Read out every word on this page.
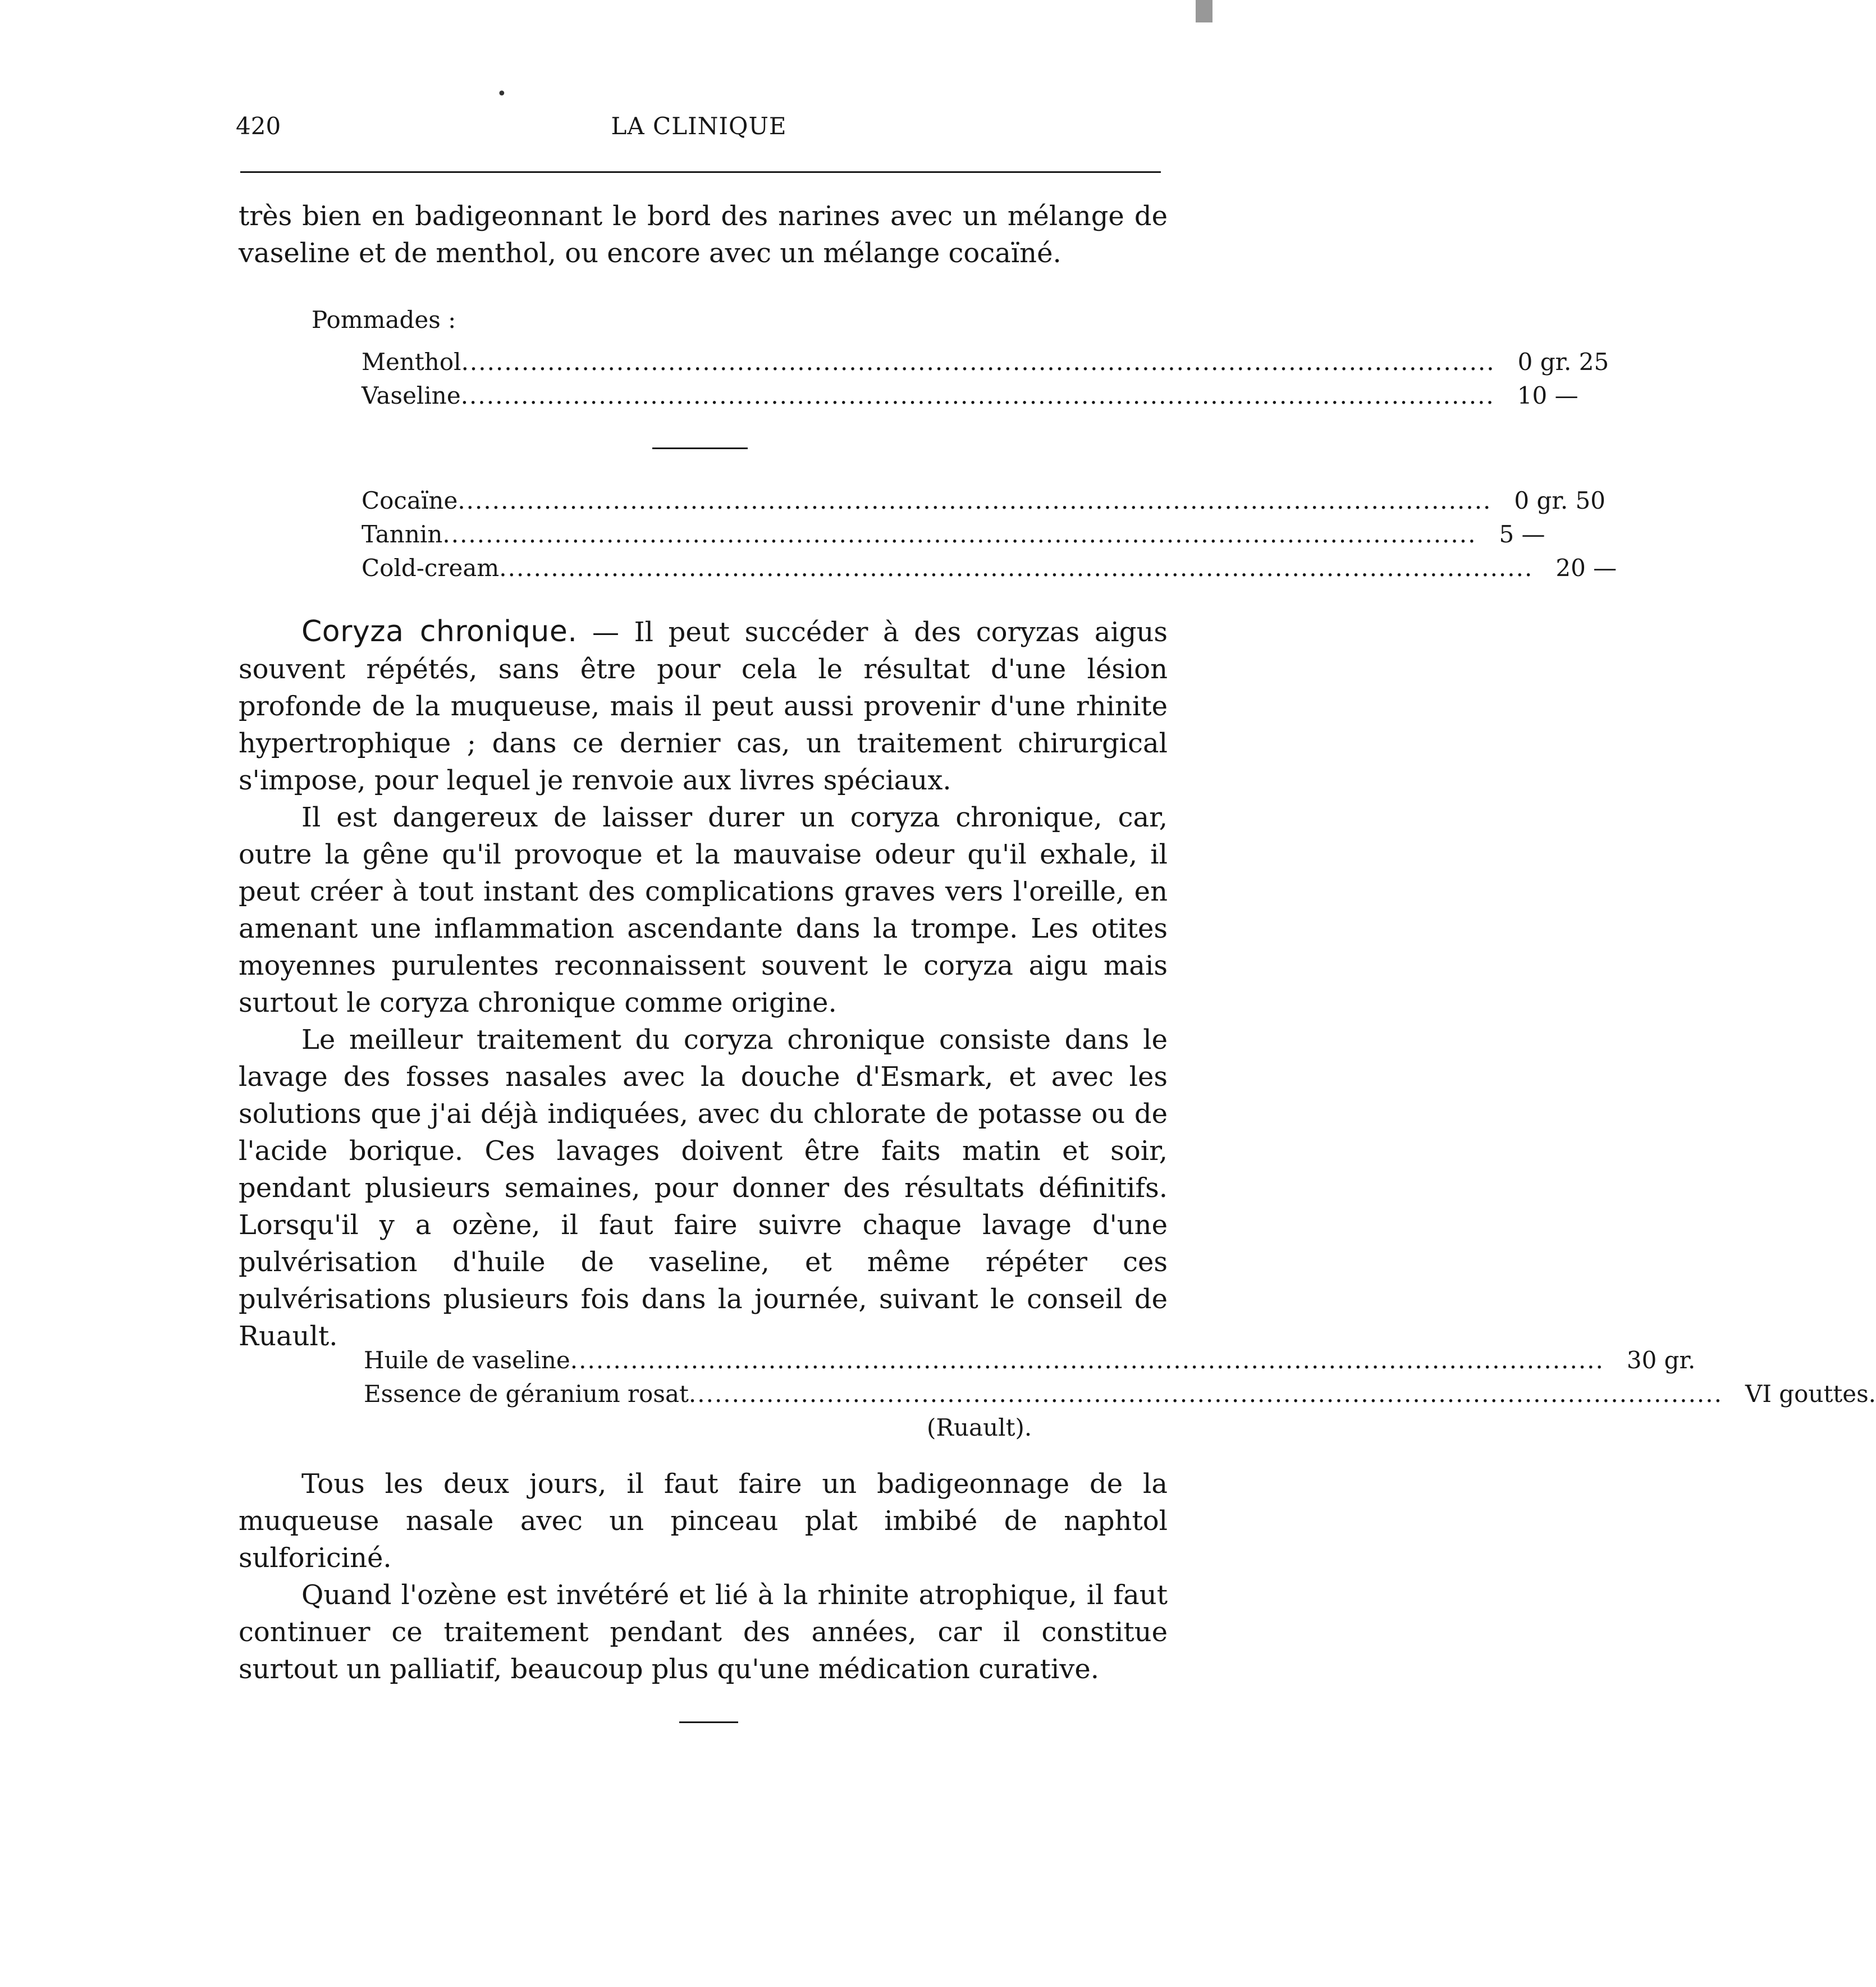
•
420	LA CLINIQUE

très bien en badigeonnant le bord des narines avec un mélange de vaseline et de menthol, ou encore avec un mélange cocaïné.

Pommades :

Menthol ........................................................................................................................ 0 gr. 25
Vaseline ........................................................................................................................ 10 —
Cocaïne ........................................................................................................................ 0 gr. 50
Tannin ........................................................................................................................ 5 —
Cold-cream ........................................................................................................................ 20 —

Coryza chronique. — Il peut succéder à des coryzas aigus souvent répétés, sans être pour cela le résultat d'une lésion profonde de la muqueuse, mais il peut aussi provenir d'une rhinite hypertrophique ; dans ce dernier cas, un traitement chirurgical s'impose, pour lequel je renvoie aux livres spéciaux.

Il est dangereux de laisser durer un coryza chronique, car, outre la gêne qu'il provoque et la mauvaise odeur qu'il exhale, il peut créer à tout instant des complications graves vers l'oreille, en amenant une inflammation ascendante dans la trompe. Les otites moyennes purulentes reconnaissent souvent le coryza aigu mais surtout le coryza chronique comme origine.

Le meilleur traitement du coryza chronique consiste dans le lavage des fosses nasales avec la douche d'Esmark, et avec les solutions que j'ai déjà indiquées, avec du chlorate de potasse ou de l'acide borique. Ces lavages doivent être faits matin et soir, pendant plusieurs semaines, pour donner des résultats définitifs. Lorsqu'il y a ozène, il faut faire suivre chaque lavage d'une pulvérisation d'huile de vaseline, et même répéter ces pulvérisations plusieurs fois dans la journée, suivant le conseil de Ruault.

Huile de vaseline ........................................................................................................................ 30 gr.
Essence de géranium rosat ........................................................................................................................ VI gouttes.
(Ruault).

Tous les deux jours, il faut faire un badigeonnage de la muqueuse nasale avec un pinceau plat imbibé de naphtol sulforiciné.

Quand l'ozène est invétéré et lié à la rhinite atrophique, il faut continuer ce traitement pendant des années, car il constitue surtout un palliatif, beaucoup plus qu'une médication curative.
